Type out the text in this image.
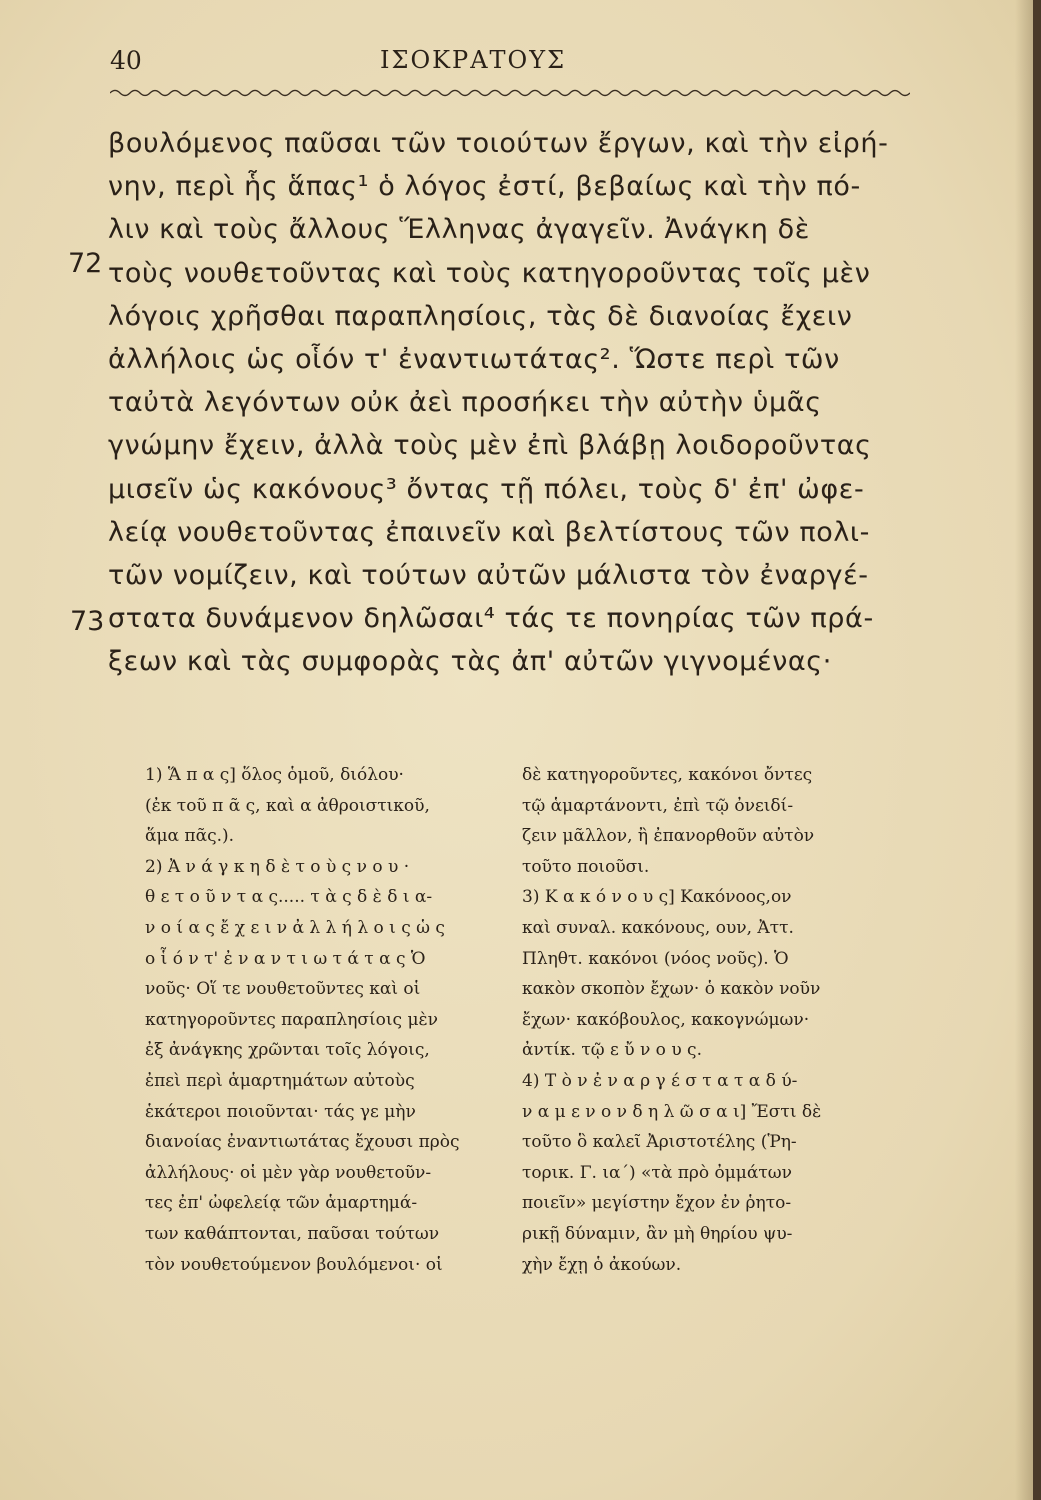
40	ΙΣΟΚΡΑΤΟΥΣ
72
73
βουλόμενος παῦσαι τῶν τοιούτων ἔργων, καὶ τὴν εἰρή-
νην, περὶ ἧς ἅπας¹ ὁ λόγος ἐστί, βεβαίως καὶ τὴν πό-
λιν καὶ τοὺς ἄλλους Ἕλληνας ἀγαγεῖν. Ἀνάγκη δὲ
τοὺς νουθετοῦντας καὶ τοὺς κατηγοροῦντας τοῖς μὲν
λόγοις χρῆσθαι παραπλησίοις, τὰς δὲ διανοίας ἔχειν
ἀλλήλοις ὡς οἷόν τ' ἐναντιωτάτας². Ὥστε περὶ τῶν
ταὐτὰ λεγόντων οὐκ ἀεὶ προσήκει τὴν αὐτὴν ὑμᾶς
γνώμην ἔχειν, ἀλλὰ τοὺς μὲν ἐπὶ βλάβῃ λοιδοροῦντας
μισεῖν ὡς κακόνους³ ὄντας τῇ πόλει, τοὺς δ' ἐπ' ὠφε-
λείᾳ νουθετοῦντας ἐπαινεῖν καὶ βελτίστους τῶν πολι-
τῶν νομίζειν, καὶ τούτων αὐτῶν μάλιστα τὸν ἐναργέ-
στατα δυνάμενον δηλῶσαι⁴ τάς τε πονηρίας τῶν πρά-
ξεων καὶ τὰς συμφορὰς τὰς ἀπ' αὐτῶν γιγνομένας·
1) Ἅ π α ς] ὅλος ὁμοῦ, διόλου·
(ἐκ τοῦ π ᾶ ς, καὶ α ἀθροιστικοῦ,
ἅμα πᾶς.).
2) Ἀ ν ά γ κ η δ ὲ τ ο ὺ ς ν ο υ ·
θ ε τ ο ῦ ν τ α ς..... τ ὰ ς δ ὲ δ ι α-
ν ο ί α ς ἔ χ ε ι ν ἀ λ λ ή λ ο ι ς ὡ ς
ο ἷ ό ν τ' ἐ ν α ν τ ι ω τ ά τ α ς Ὁ
νοῦς· Οἵ τε νουθετοῦντες καὶ οἱ
κατηγοροῦντες παραπλησίοις μὲν
ἐξ ἀνάγκης χρῶνται τοῖς λόγοις,
ἐπεὶ περὶ ἁμαρτημάτων αὐτοὺς
ἑκάτεροι ποιοῦνται· τάς γε μὴν
διανοίας ἐναντιωτάτας ἔχουσι πρὸς
ἀλλήλους· οἱ μὲν γὰρ νουθετοῦν-
τες ἐπ' ὠφελείᾳ τῶν ἁμαρτημά-
των καθάπτονται, παῦσαι τούτων
τὸν νουθετούμενον βουλόμενοι· οἱ
δὲ κατηγοροῦντες, κακόνοι ὄντες
τῷ ἁμαρτάνοντι, ἐπὶ τῷ ὀνειδί-
ζειν μᾶλλον, ἢ ἐπανορθοῦν αὐτὸν
τοῦτο ποιοῦσι.
3) Κ α κ ό ν ο υ ς] Κακόνοος,ον
καὶ συναλ. κακόνους, ουν, Ἀττ.
Πληθτ. κακόνοι (νόος νοῦς). Ὁ
κακὸν σκοπὸν ἔχων· ὁ κακὸν νοῦν
ἔχων· κακόβουλος, κακογνώμων·
ἀντίκ. τῷ ε ὔ ν ο υ ς.
4) Τ ὸ ν ἐ ν α ρ γ έ σ τ α τ α δ ύ-
ν α μ ε ν ο ν δ η λ ῶ σ α ι] Ἔστι δὲ
τοῦτο ὃ καλεῖ Ἀριστοτέλης (Ῥη-
τορικ. Γ. ια΄) «τὰ πρὸ ὀμμάτων
ποιεῖν» μεγίστην ἔχον ἐν ῥητο-
ρικῇ δύναμιν, ἂν μὴ θηρίου ψυ-
χὴν ἔχῃ ὁ ἀκούων.
